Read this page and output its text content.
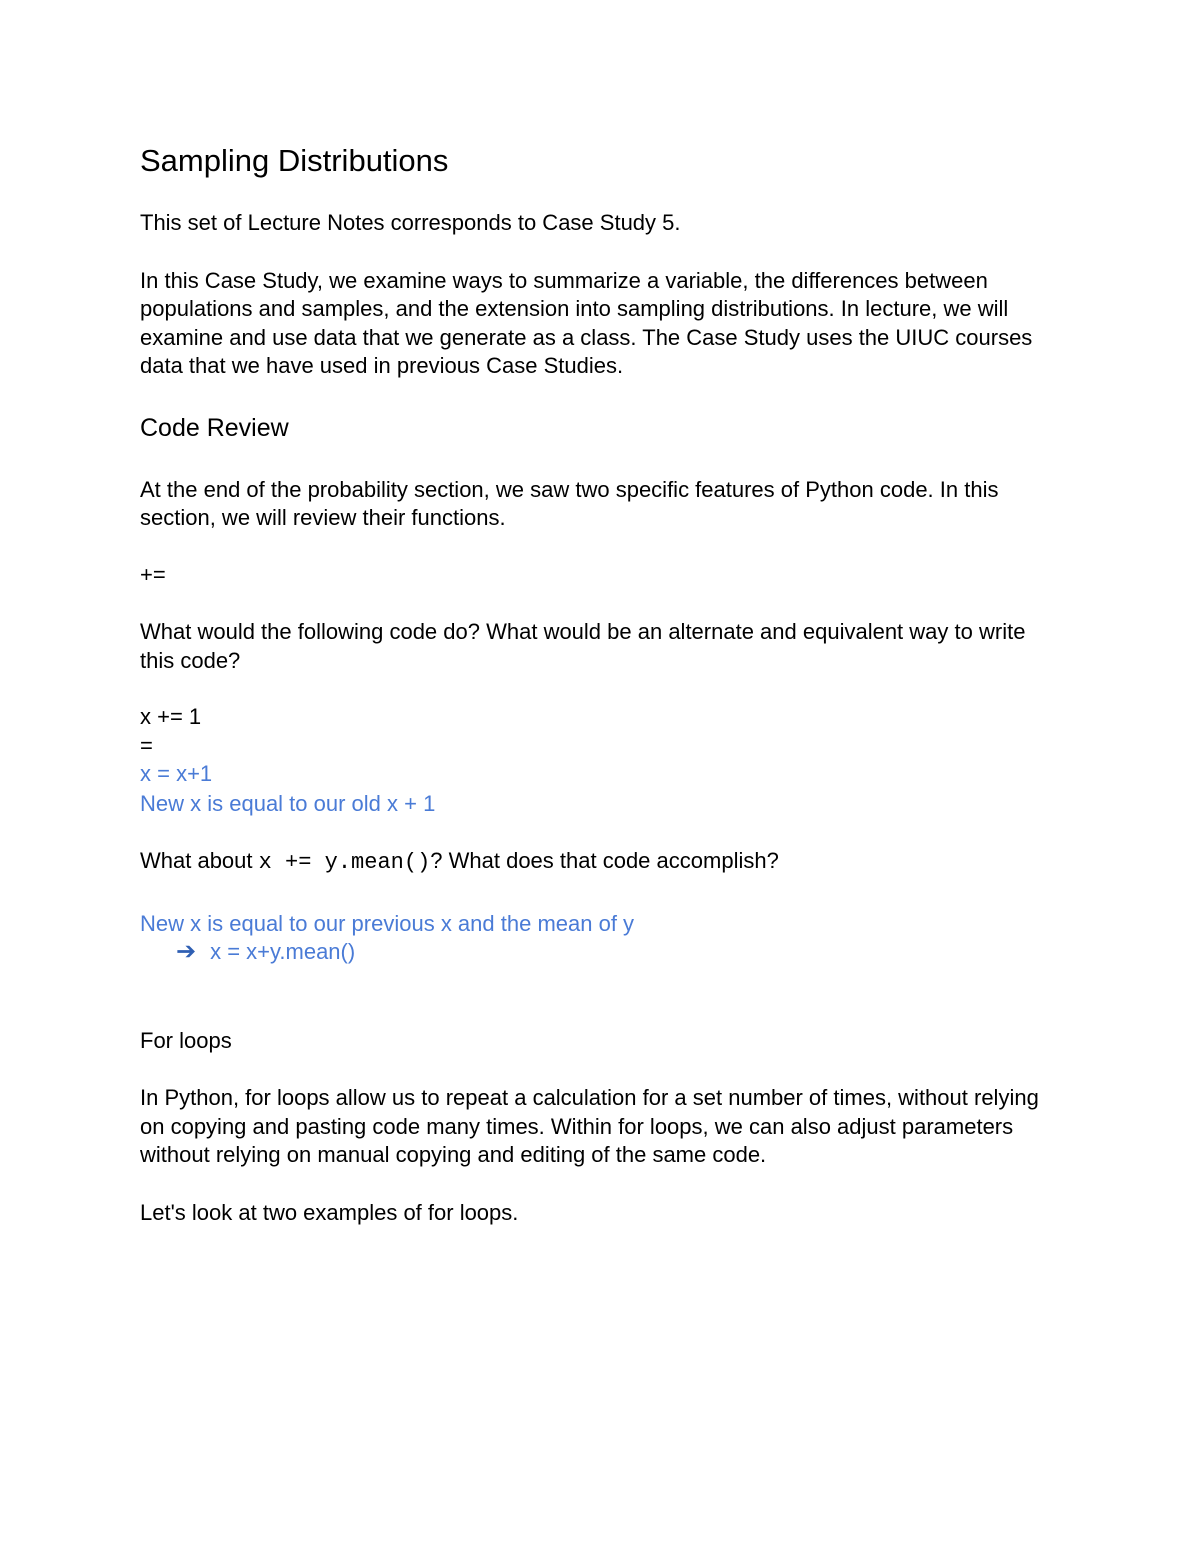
Sampling Distributions

This set of Lecture Notes corresponds to Case Study 5.

In this Case Study, we examine ways to summarize a variable, the differences between populations and samples, and the extension into sampling distributions. In lecture, we will examine and use data that we generate as a class. The Case Study uses the UIUC courses data that we have used in previous Case Studies.

Code Review

At the end of the probability section, we saw two specific features of Python code. In this section, we will review their functions.

+=

What would the following code do? What would be an alternate and equivalent way to write this code?

x += 1

=

x = x+1

New x is equal to our old x + 1

What about x += y.mean()? What does that code accomplish?

New x is equal to our previous x and the mean of y

➔ x = x+y.mean()
For loops

In Python, for loops allow us to repeat a calculation for a set number of times, without relying on copying and pasting code many times. Within for loops, we can also adjust parameters without relying on manual copying and editing of the same code.

Let's look at two examples of for loops.
